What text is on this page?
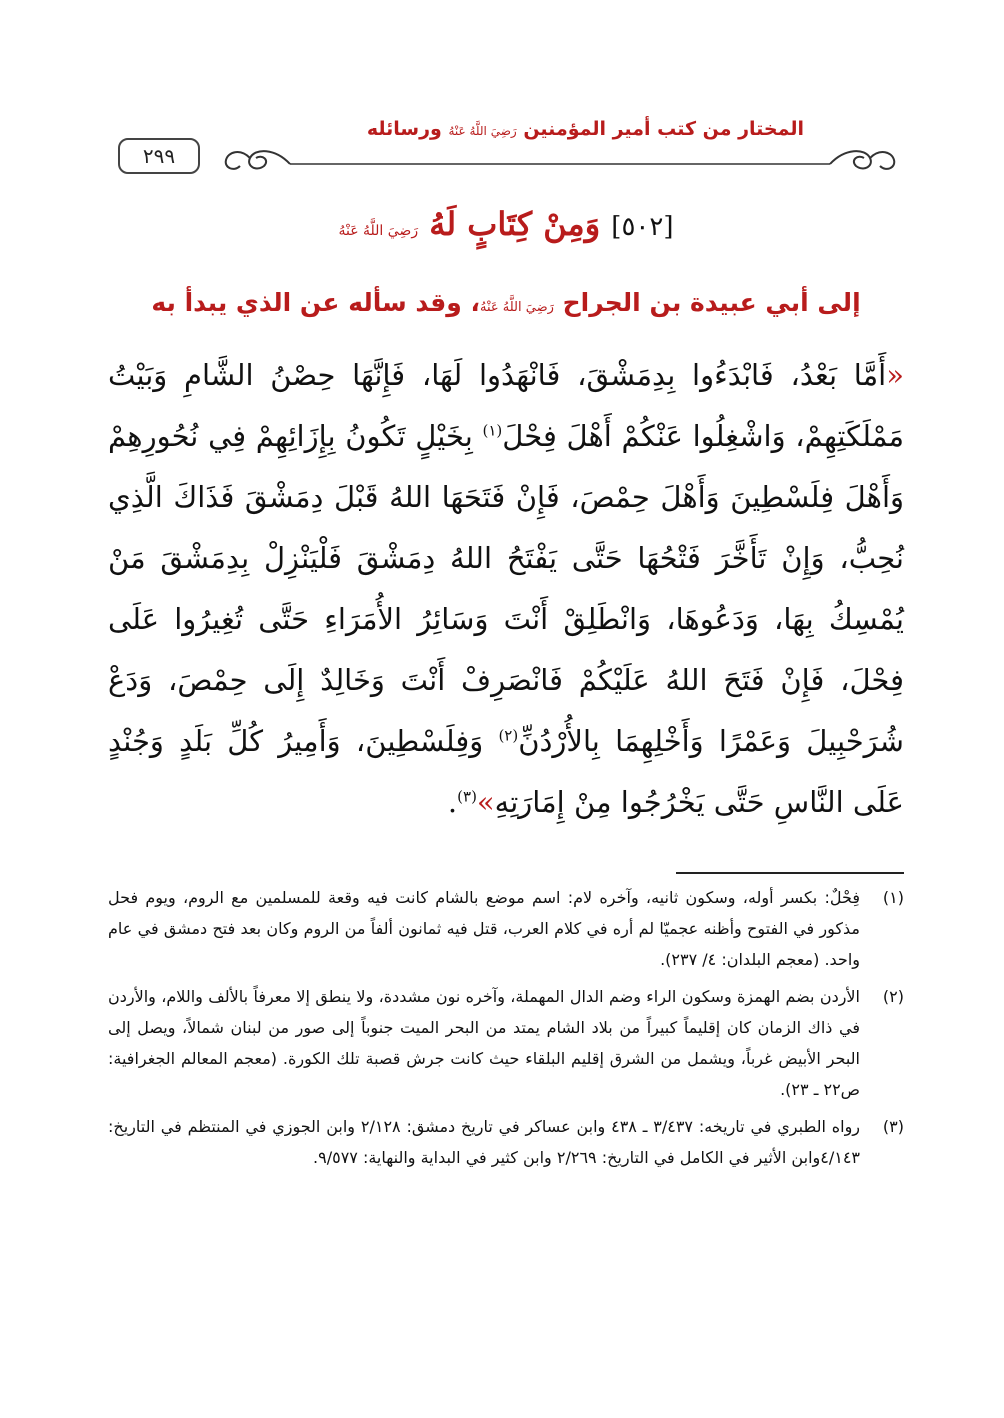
٢٩٩
المختار من كتب أمير المؤمنين رَضِيَ اللَّهُ عَنْهُ ورسائله
[٥٠٢] وَمِنْ كِتَابٍ لَهُ رَضِيَ اللَّهُ عَنْهُ
إلى أبي عبيدة بن الجراح رَضِيَ اللَّهُ عَنْهُ، وقد سأله عن الذي يبدأ به

«أَمَّا بَعْدُ، فَابْدَءُوا بِدِمَشْقَ، فَانْهَدُوا لَهَا، فَإِنَّهَا حِصْنُ الشَّامِ وَبَيْتُ مَمْلَكَتِهِمْ، وَاشْغِلُوا عَنْكُمْ أَهْلَ فِحْلَ$^{(١)}$ بِخَيْلٍ تَكُونُ بِإِزَائِهِمْ فِي نُحُورِهِمْ وَأَهْلَ فِلَسْطِينَ وَأَهْلَ حِمْصَ، فَإِنْ فَتَحَهَا اللهُ قَبْلَ دِمَشْقَ فَذَاكَ الَّذِي نُحِبُّ، وَإِنْ تَأَخَّرَ فَتْحُهَا حَتَّى يَفْتَحُ اللهُ دِمَشْقَ فَلْيَنْزِلْ بِدِمَشْقَ مَنْ يُمْسِكُ بِهَا، وَدَعُوهَا، وَانْطَلِقْ أَنْتَ وَسَائِرُ الأُمَرَاءِ حَتَّى تُغِيرُوا عَلَى فِحْلَ، فَإِنْ فَتَحَ اللهُ عَلَيْكُمْ فَانْصَرِفْ أَنْتَ وَخَالِدٌ إِلَى حِمْصَ، وَدَعْ شُرَحْبِيلَ وَعَمْرًا وَأَخْلِهِمَا بِالأُرْدُنِّ$^{(٢)}$ وَفِلَسْطِينَ، وَأَمِيرُ كُلِّ بَلَدٍ وَجُنْدٍ عَلَى النَّاسِ حَتَّى يَخْرُجُوا مِنْ إِمَارَتِهِ»$^{(٣)}$.

(١)
فِحْلٌ: بكسر أوله، وسكون ثانيه، وآخره لام: اسم موضع بالشام كانت فيه وقعة للمسلمين مع الروم، ويوم فحل مذكور في الفتوح وأظنه عجميّا لم أره في كلام العرب، قتل فيه ثمانون ألفاً من الروم وكان بعد فتح دمشق في عام واحد. (معجم البلدان: ٤/ ٢٣٧).

(٢)
الأردن بضم الهمزة وسكون الراء وضم الدال المهملة، وآخره نون مشددة، ولا ينطق إلا معرفاً بالألف واللام، والأردن في ذاك الزمان كان إقليماً كبيراً من بلاد الشام يمتد من البحر الميت جنوباً إلى صور من لبنان شمالاً، ويصل إلى البحر الأبيض غرباً، ويشمل من الشرق إقليم البلقاء حيث كانت جرش قصبة تلك الكورة. (معجم المعالم الجغرافية: ص٢٢ ـ ٢٣).

(٣)
رواه الطبري في تاريخه: ٣/٤٣٧ ـ ٤٣٨ وابن عساكر في تاريخ دمشق: ٢/١٢٨ وابن الجوزي في المنتظم في التاريخ: ٤/١٤٣وابن الأثير في الكامل في التاريخ: ٢/٢٦٩ وابن كثير في البداية والنهاية: ٩/٥٧٧.
